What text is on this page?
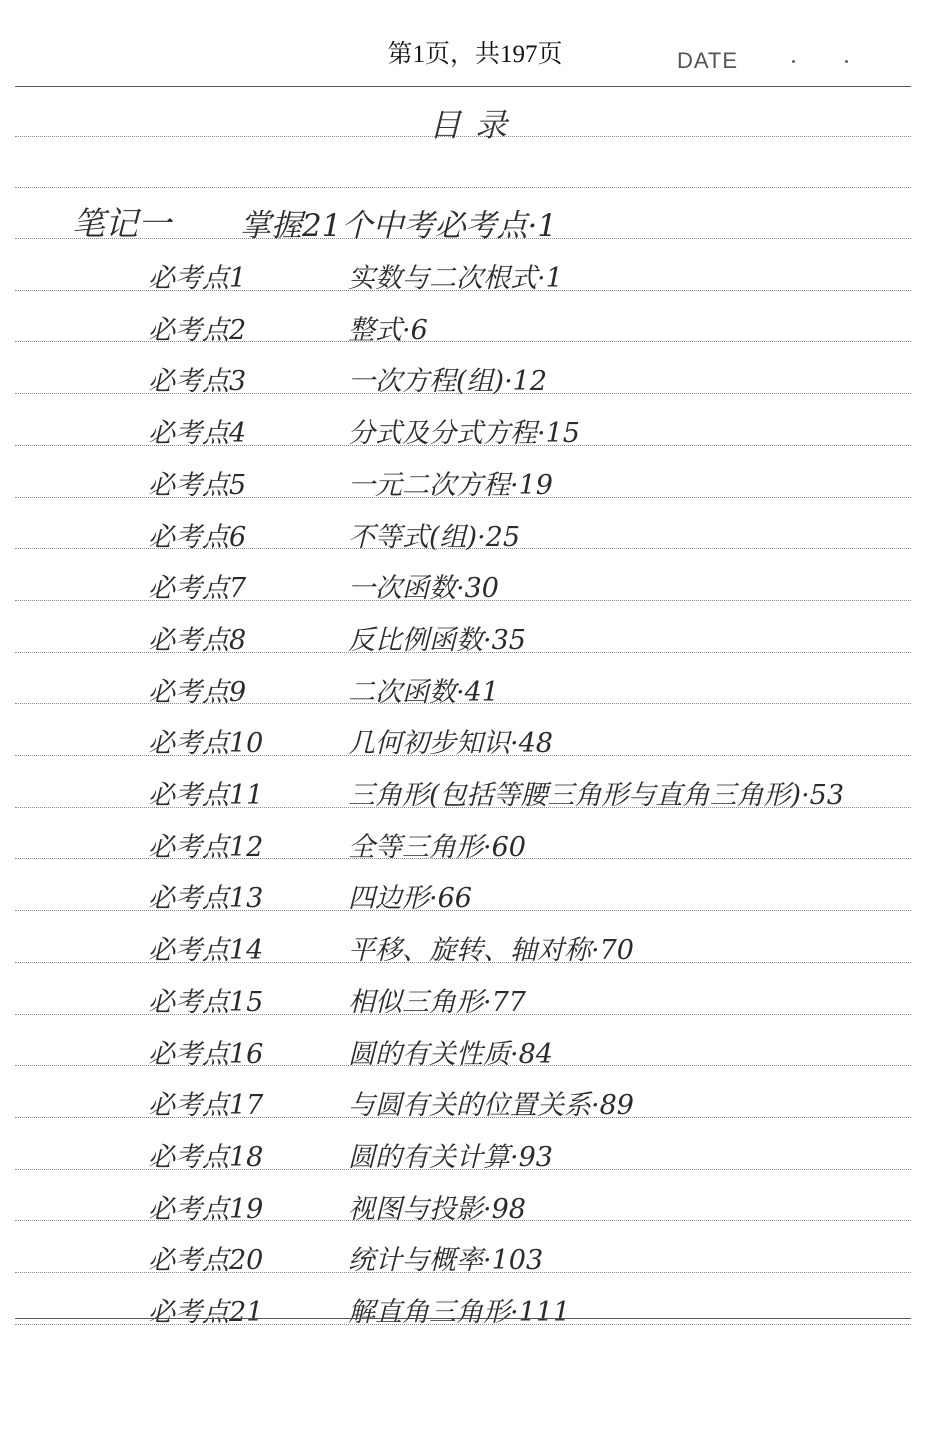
第1页，共197页	DATE
目录
笔记一 掌握21个中考必考点·1
必考点1	实数与二次根式·1
必考点2	整式·6
必考点3	一次方程(组)·12
必考点4	分式及分式方程·15
必考点5	一元二次方程·19
必考点6	不等式(组)·25
必考点7	一次函数·30
必考点8	反比例函数·35
必考点9	二次函数·41
必考点10	几何初步知识·48
必考点11	三角形(包括等腰三角形与直角三角形)·53
必考点12	全等三角形·60
必考点13	四边形·66
必考点14	平移、旋转、轴对称·70
必考点15	相似三角形·77
必考点16	圆的有关性质·84
必考点17	与圆有关的位置关系·89
必考点18	圆的有关计算·93
必考点19	视图与投影·98
必考点20	统计与概率·103
必考点21	解直角三角形·111
